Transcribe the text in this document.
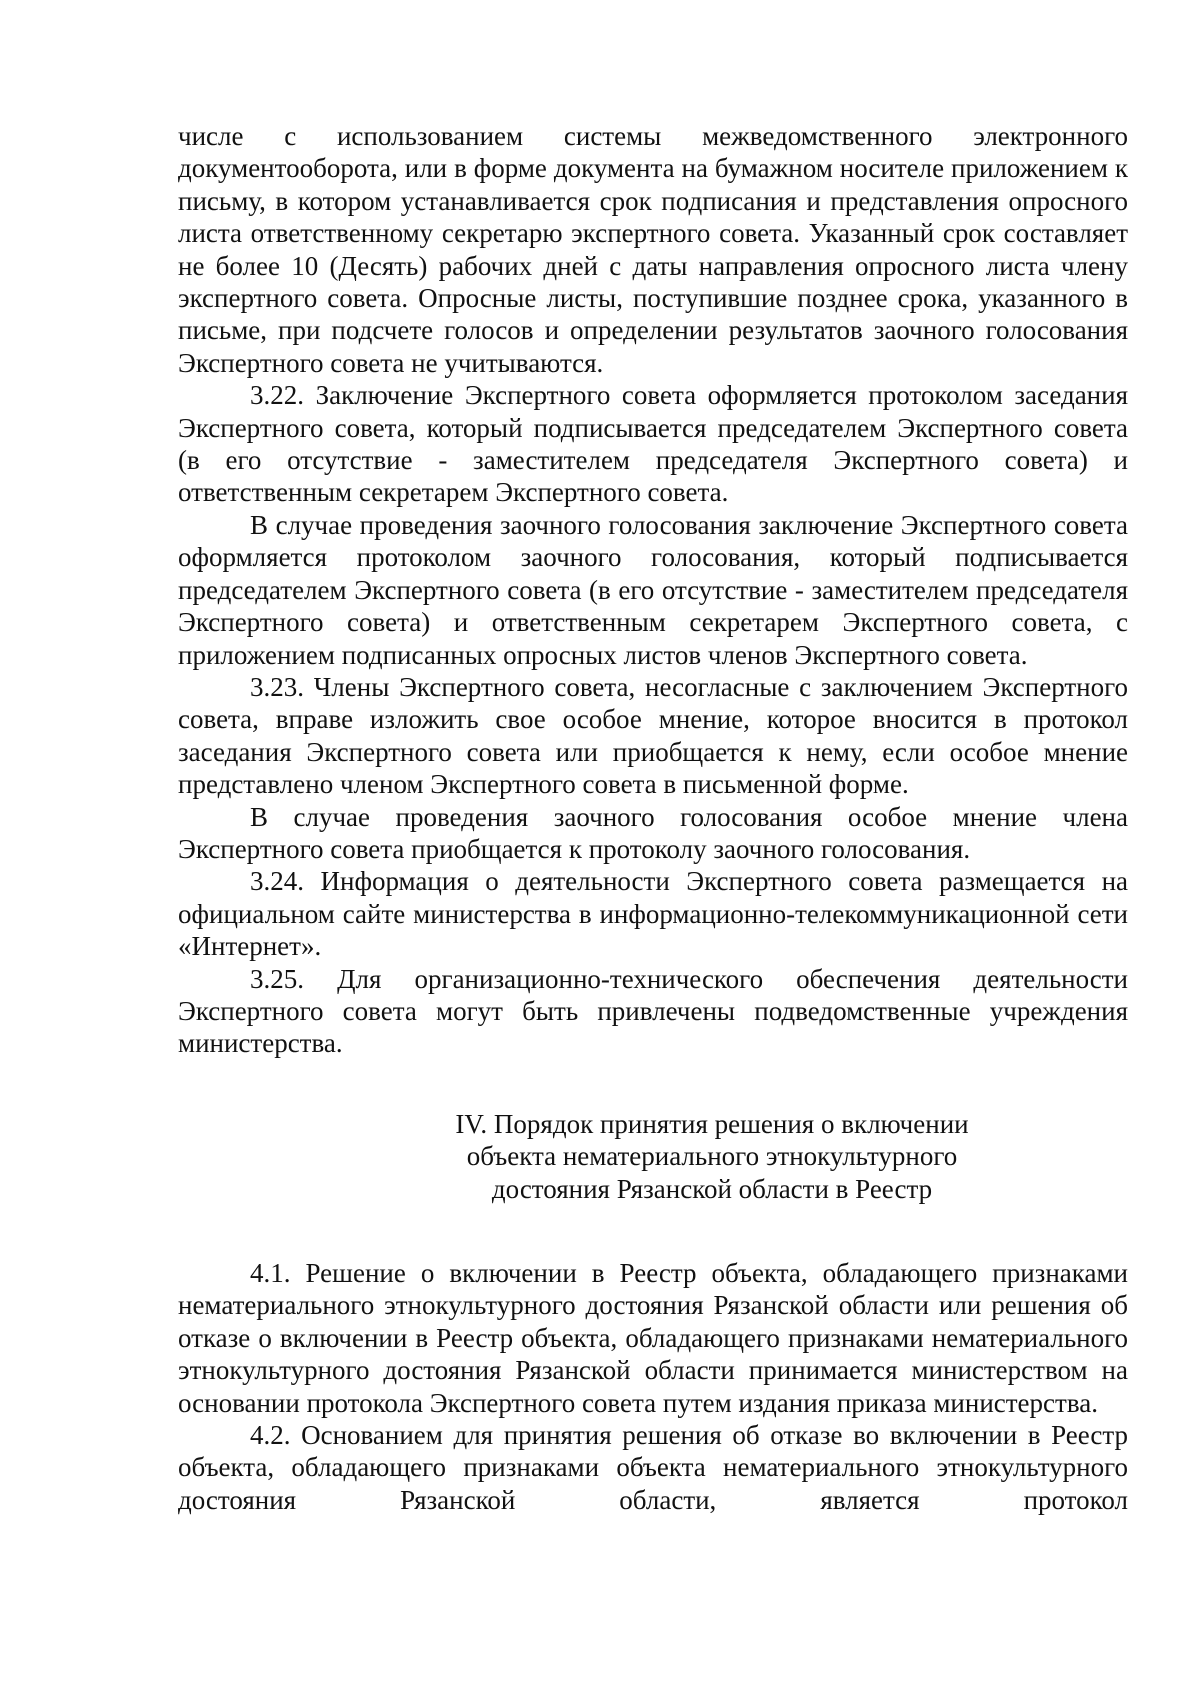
числе с использованием системы межведомственного электронного документооборота, или в форме документа на бумажном носителе приложением к письму, в котором устанавливается срок подписания и представления опросного листа ответственному секретарю экспертного совета. Указанный срок составляет не более 10 (Десять) рабочих дней с даты направления опросного листа члену экспертного совета. Опросные листы, поступившие позднее срока, указанного в письме, при подсчете голосов и определении результатов заочного голосования Экспертного совета не учитываются.

3.22. Заключение Экспертного совета оформляется протоколом заседания Экспертного совета, который подписывается председателем Экспертного совета (в его отсутствие - заместителем председателя Экспертного совета) и ответственным секретарем Экспертного совета.

В случае проведения заочного голосования заключение Экспертного совета оформляется протоколом заочного голосования, который подписывается председателем Экспертного совета (в его отсутствие - заместителем председателя Экспертного совета) и ответственным секретарем Экспертного совета, с приложением подписанных опросных листов членов Экспертного совета.

3.23. Члены Экспертного совета, несогласные с заключением Экспертного совета, вправе изложить свое особое мнение, которое вносится в протокол заседания Экспертного совета или приобщается к нему, если особое мнение представлено членом Экспертного совета в письменной форме.

В случае проведения заочного голосования особое мнение члена Экспертного совета приобщается к протоколу заочного голосования.

3.24. Информация о деятельности Экспертного совета размещается на официальном сайте министерства в информационно-телекоммуникационной сети «Интернет».

3.25. Для организационно-технического обеспечения деятельности Экспертного совета могут быть привлечены подведомственные учреждения министерства.

IV. Порядок принятия решения о включении
объекта нематериального этнокультурного
достояния Рязанской области в Реестр

4.1. Решение о включении в Реестр объекта, обладающего признаками нематериального этнокультурного достояния Рязанской области или решения об отказе о включении в Реестр объекта, обладающего признаками нематериального этнокультурного достояния Рязанской области принимается министерством на основании протокола Экспертного совета путем издания приказа министерства.

4.2. Основанием для принятия решения об отказе во включении в Реестр объекта, обладающего признаками объекта нематериального этнокультурного достояния Рязанской области, является протокол
